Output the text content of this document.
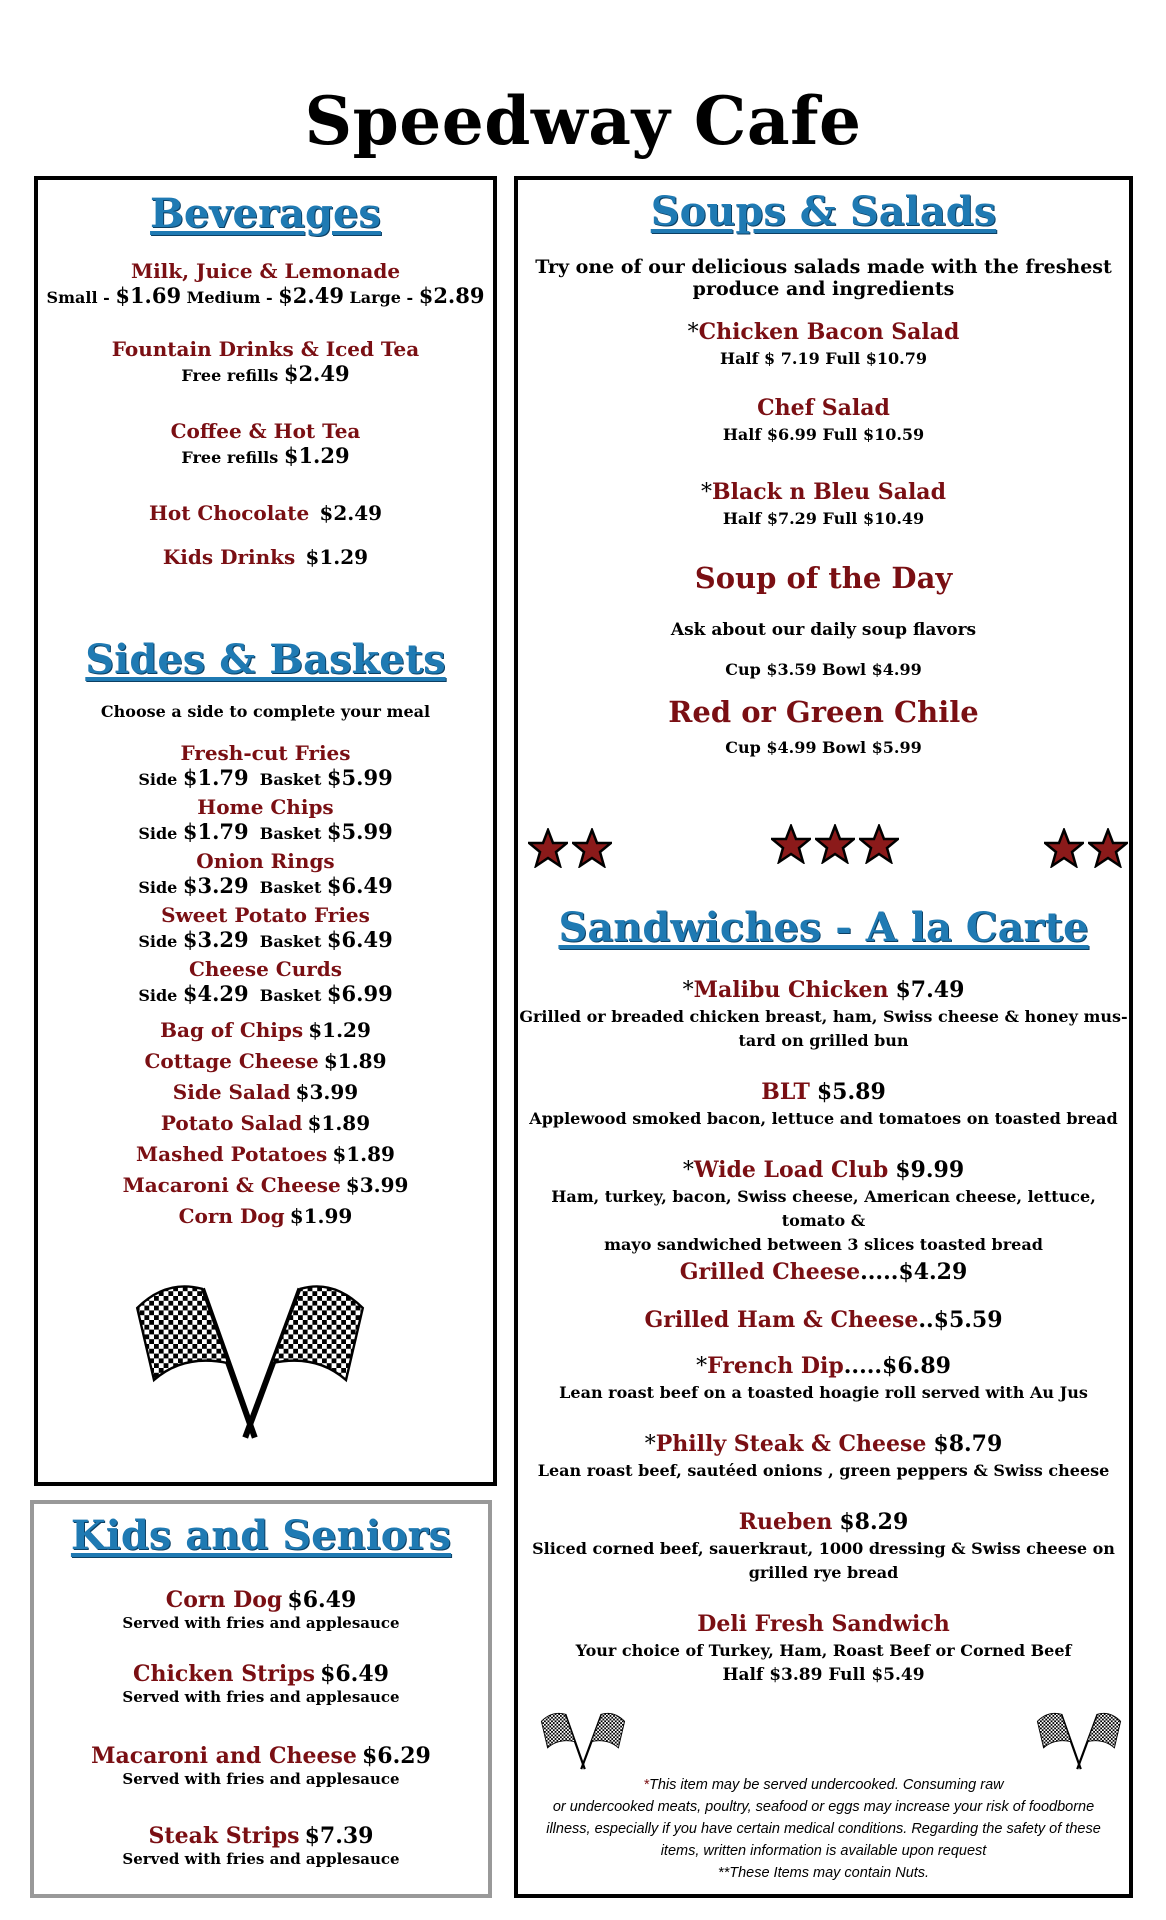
Speedway Cafe
Beverages
Milk, Juice & Lemonade
Small - $1.69 Medium - $2.49 Large - $2.89
Fountain Drinks & Iced Tea
Free refills $2.49
Coffee & Hot Tea
Free refills $1.29
Hot Chocolate $2.49
Kids Drinks $1.29
Sides & Baskets
Choose a side to complete your meal
Fresh-cut Fries
Side $1.79 Basket $5.99
Home Chips
Side $1.79 Basket $5.99
Onion Rings
Side $3.29 Basket $6.49
Sweet Potato Fries
Side $3.29 Basket $6.49
Cheese Curds
Side $4.29 Basket $6.99
Bag of Chips $1.29
Cottage Cheese $1.89
Side Salad $3.99
Potato Salad $1.89
Mashed Potatoes $1.89
Macaroni & Cheese $3.99
Corn Dog $1.99
Kids and Seniors
Corn Dog $6.49
Served with fries and applesauce
Chicken Strips $6.49
Served with fries and applesauce
Macaroni and Cheese $6.29
Served with fries and applesauce
Steak Strips $7.39
Served with fries and applesauce
Soups & Salads
Try one of our delicious salads made with the freshest
produce and ingredients
*Chicken Bacon Salad
Half $ 7.19 Full $10.79
Chef Salad
Half $6.99 Full $10.59
*Black n Bleu Salad
Half $7.29 Full $10.49
Soup of the Day
Ask about our daily soup flavors
Cup $3.59 Bowl $4.99
Red or Green Chile
Cup $4.99 Bowl $5.99
Sandwiches - A la Carte
*Malibu Chicken $7.49
Grilled or breaded chicken breast, ham, Swiss cheese & honey mus-
tard on grilled bun
BLT $5.89
Applewood smoked bacon, lettuce and tomatoes on toasted bread
*Wide Load Club $9.99
Ham, turkey, bacon, Swiss cheese, American cheese, lettuce, tomato &
mayo sandwiched between 3 slices toasted bread
Grilled Cheese.....$4.29
Grilled Ham & Cheese..$5.59
*French Dip.....$6.89
Lean roast beef on a toasted hoagie roll served with Au Jus
*Philly Steak & Cheese $8.79
Lean roast beef, sautéed onions , green peppers & Swiss cheese
Rueben $8.29
Sliced corned beef, sauerkraut, 1000 dressing & Swiss cheese on
grilled rye bread
Deli Fresh Sandwich
Your choice of Turkey, Ham, Roast Beef or Corned Beef
Half $3.89 Full $5.49
*This item may be served undercooked. Consuming raw
or undercooked meats, poultry, seafood or eggs may increase your risk of foodborne
illness, especially if you have certain medical conditions. Regarding the safety of these
items, written information is available upon request
**These Items may contain Nuts.
